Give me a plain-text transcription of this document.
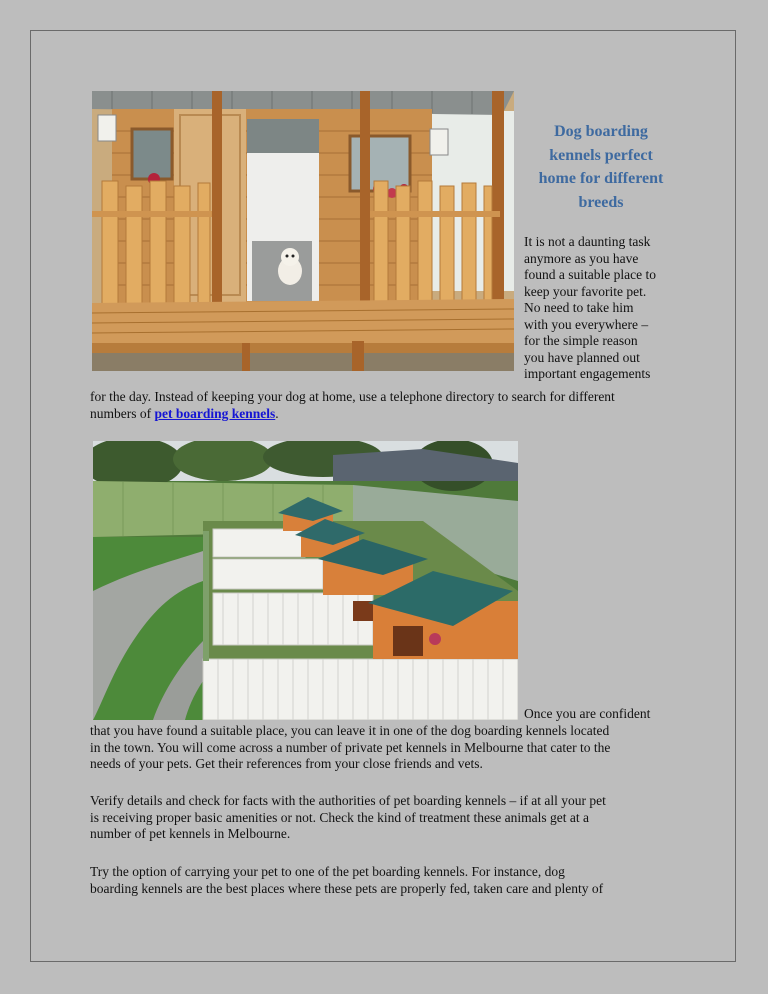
Dog boarding
kennels perfect
home for different
breeds
It is not a daunting task
anymore as you have
found a suitable place to
keep your favorite pet.
No need to take him
with you everywhere –
for the simple reason
you have planned out
important engagements
for the day. Instead of keeping your dog at home, use a telephone directory to search for different
numbers of pet boarding kennels.
Once you are confident
that you have found a suitable place, you can leave it in one of the dog boarding kennels located
in the town. You will come across a number of private pet kennels in Melbourne that cater to the
needs of your pets. Get their references from your close friends and vets.
Verify details and check for facts with the authorities of pet boarding kennels – if at all your pet
is receiving proper basic amenities or not. Check the kind of treatment these animals get at a
number of pet kennels in Melbourne.
Try the option of carrying your pet to one of the pet boarding kennels. For instance, dog
boarding kennels are the best places where these pets are properly fed, taken care and plenty of
